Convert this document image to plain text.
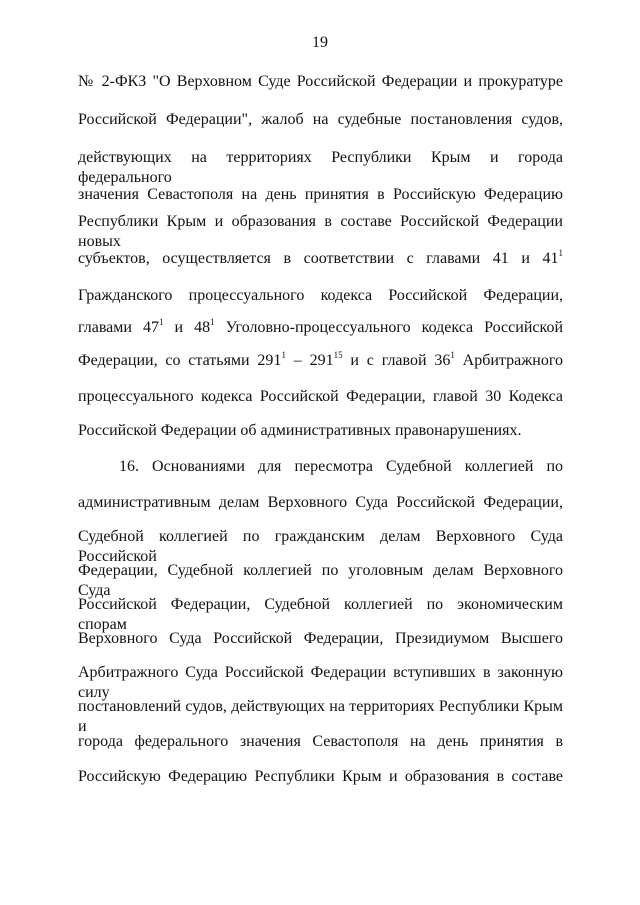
19
№ 2-ФКЗ "О Верховном Суде Российской Федерации и прокуратуре
Российской Федерации", жалоб на судебные постановления судов,
действующих на территориях Республики Крым и города федерального
значения Севастополя на день принятия в Российскую Федерацию
Республики Крым и образования в составе Российской Федерации новых
субъектов, осуществляется в соответствии с главами 41 и $41^1$
Гражданского процессуального кодекса Российской Федерации,
главами $47^1$ и $48^1$ Уголовно-процессуального кодекса Российской
Федерации, со статьями $291^1 - 291^{15}$ и с главой $36^1$ Арбитражного
процессуального кодекса Российской Федерации, главой 30 Кодекса
Российской Федерации об административных правонарушениях.
16. Основаниями для пересмотра Судебной коллегией по
административным делам Верховного Суда Российской Федерации,
Судебной коллегией по гражданским делам Верховного Суда Российской
Федерации, Судебной коллегией по уголовным делам Верховного Суда
Российской Федерации, Судебной коллегией по экономическим спорам
Верховного Суда Российской Федерации, Президиумом Высшего
Арбитражного Суда Российской Федерации вступивших в законную силу
постановлений судов, действующих на территориях Республики Крым и
города федерального значения Севастополя на день принятия в
Российскую Федерацию Республики Крым и образования в составе
